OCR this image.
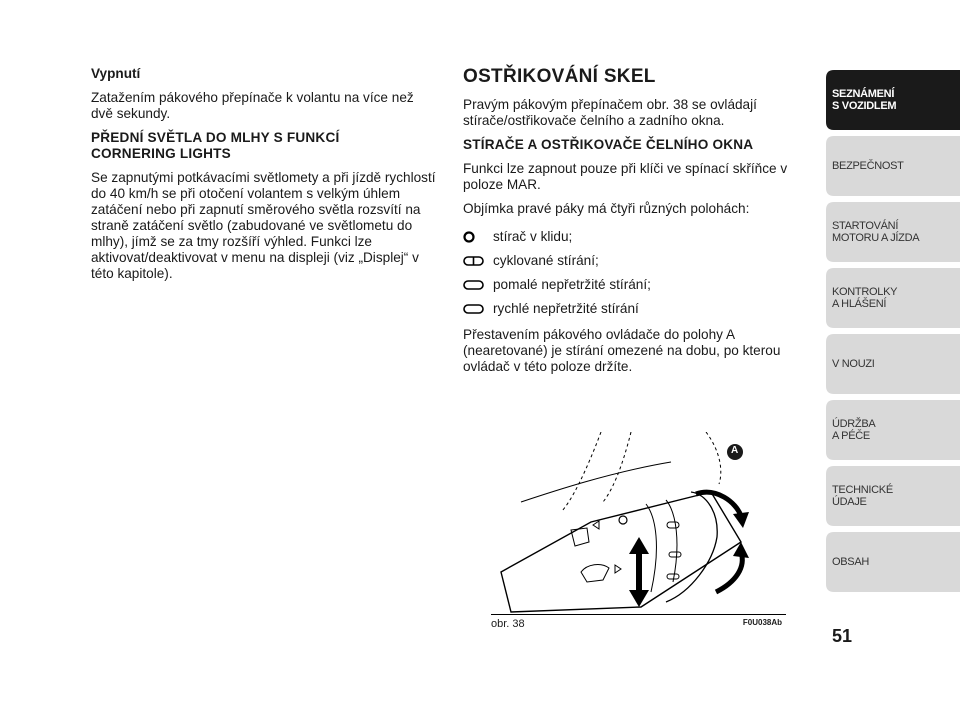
Vypnutí

Zatažením pákového přepínače k volantu na více než dvě sekundy.

PŘEDNÍ SVĚTLA DO MLHY S FUNKCÍ
CORNERING LIGHTS

Se zapnutými potkávacími světlomety a při jízdě rychlostí do 40 km/h se při otočení volantem s velkým úhlem zatáčení nebo při zapnutí směrového světla rozsvítí na straně zatáčení světlo (zabudované ve světlometu do mlhy), jímž se za tmy rozšíří výhled. Funkci lze aktivovat/deaktivovat v menu na displeji (viz „Displej“ v této kapitole).

OSTŘIKOVÁNÍ SKEL

Pravým pákovým přepínačem obr. 38 se ovládají stírače/ostřikovače čelního a zadního okna.

STÍRAČE A OSTŘIKOVAČE ČELNÍHO OKNA

Funkci lze zapnout pouze při klíči ve spínací skříňce v poloze MAR.

Objímka pravé páky má čtyři různých polohách:

stírač v klidu;
cyklované stírání;
pomalé nepřetržité stírání;
rychlé nepřetržité stírání

Přestavením pákového ovládače do polohy A (nearetované) je stírání omezené na dobu, po kterou ovládač v této poloze držíte.

A
obr. 38	F0U038Ab
SEZNÁMENÍ
S VOZIDLEM
BEZPEČNOST
STARTOVÁNÍ
MOTORU A JÍZDA
KONTROLKY
A HLÁŠENÍ
V NOUZI
ÚDRŽBA
A PÉČE
TECHNICKÉ
ÚDAJE
OBSAH
51
